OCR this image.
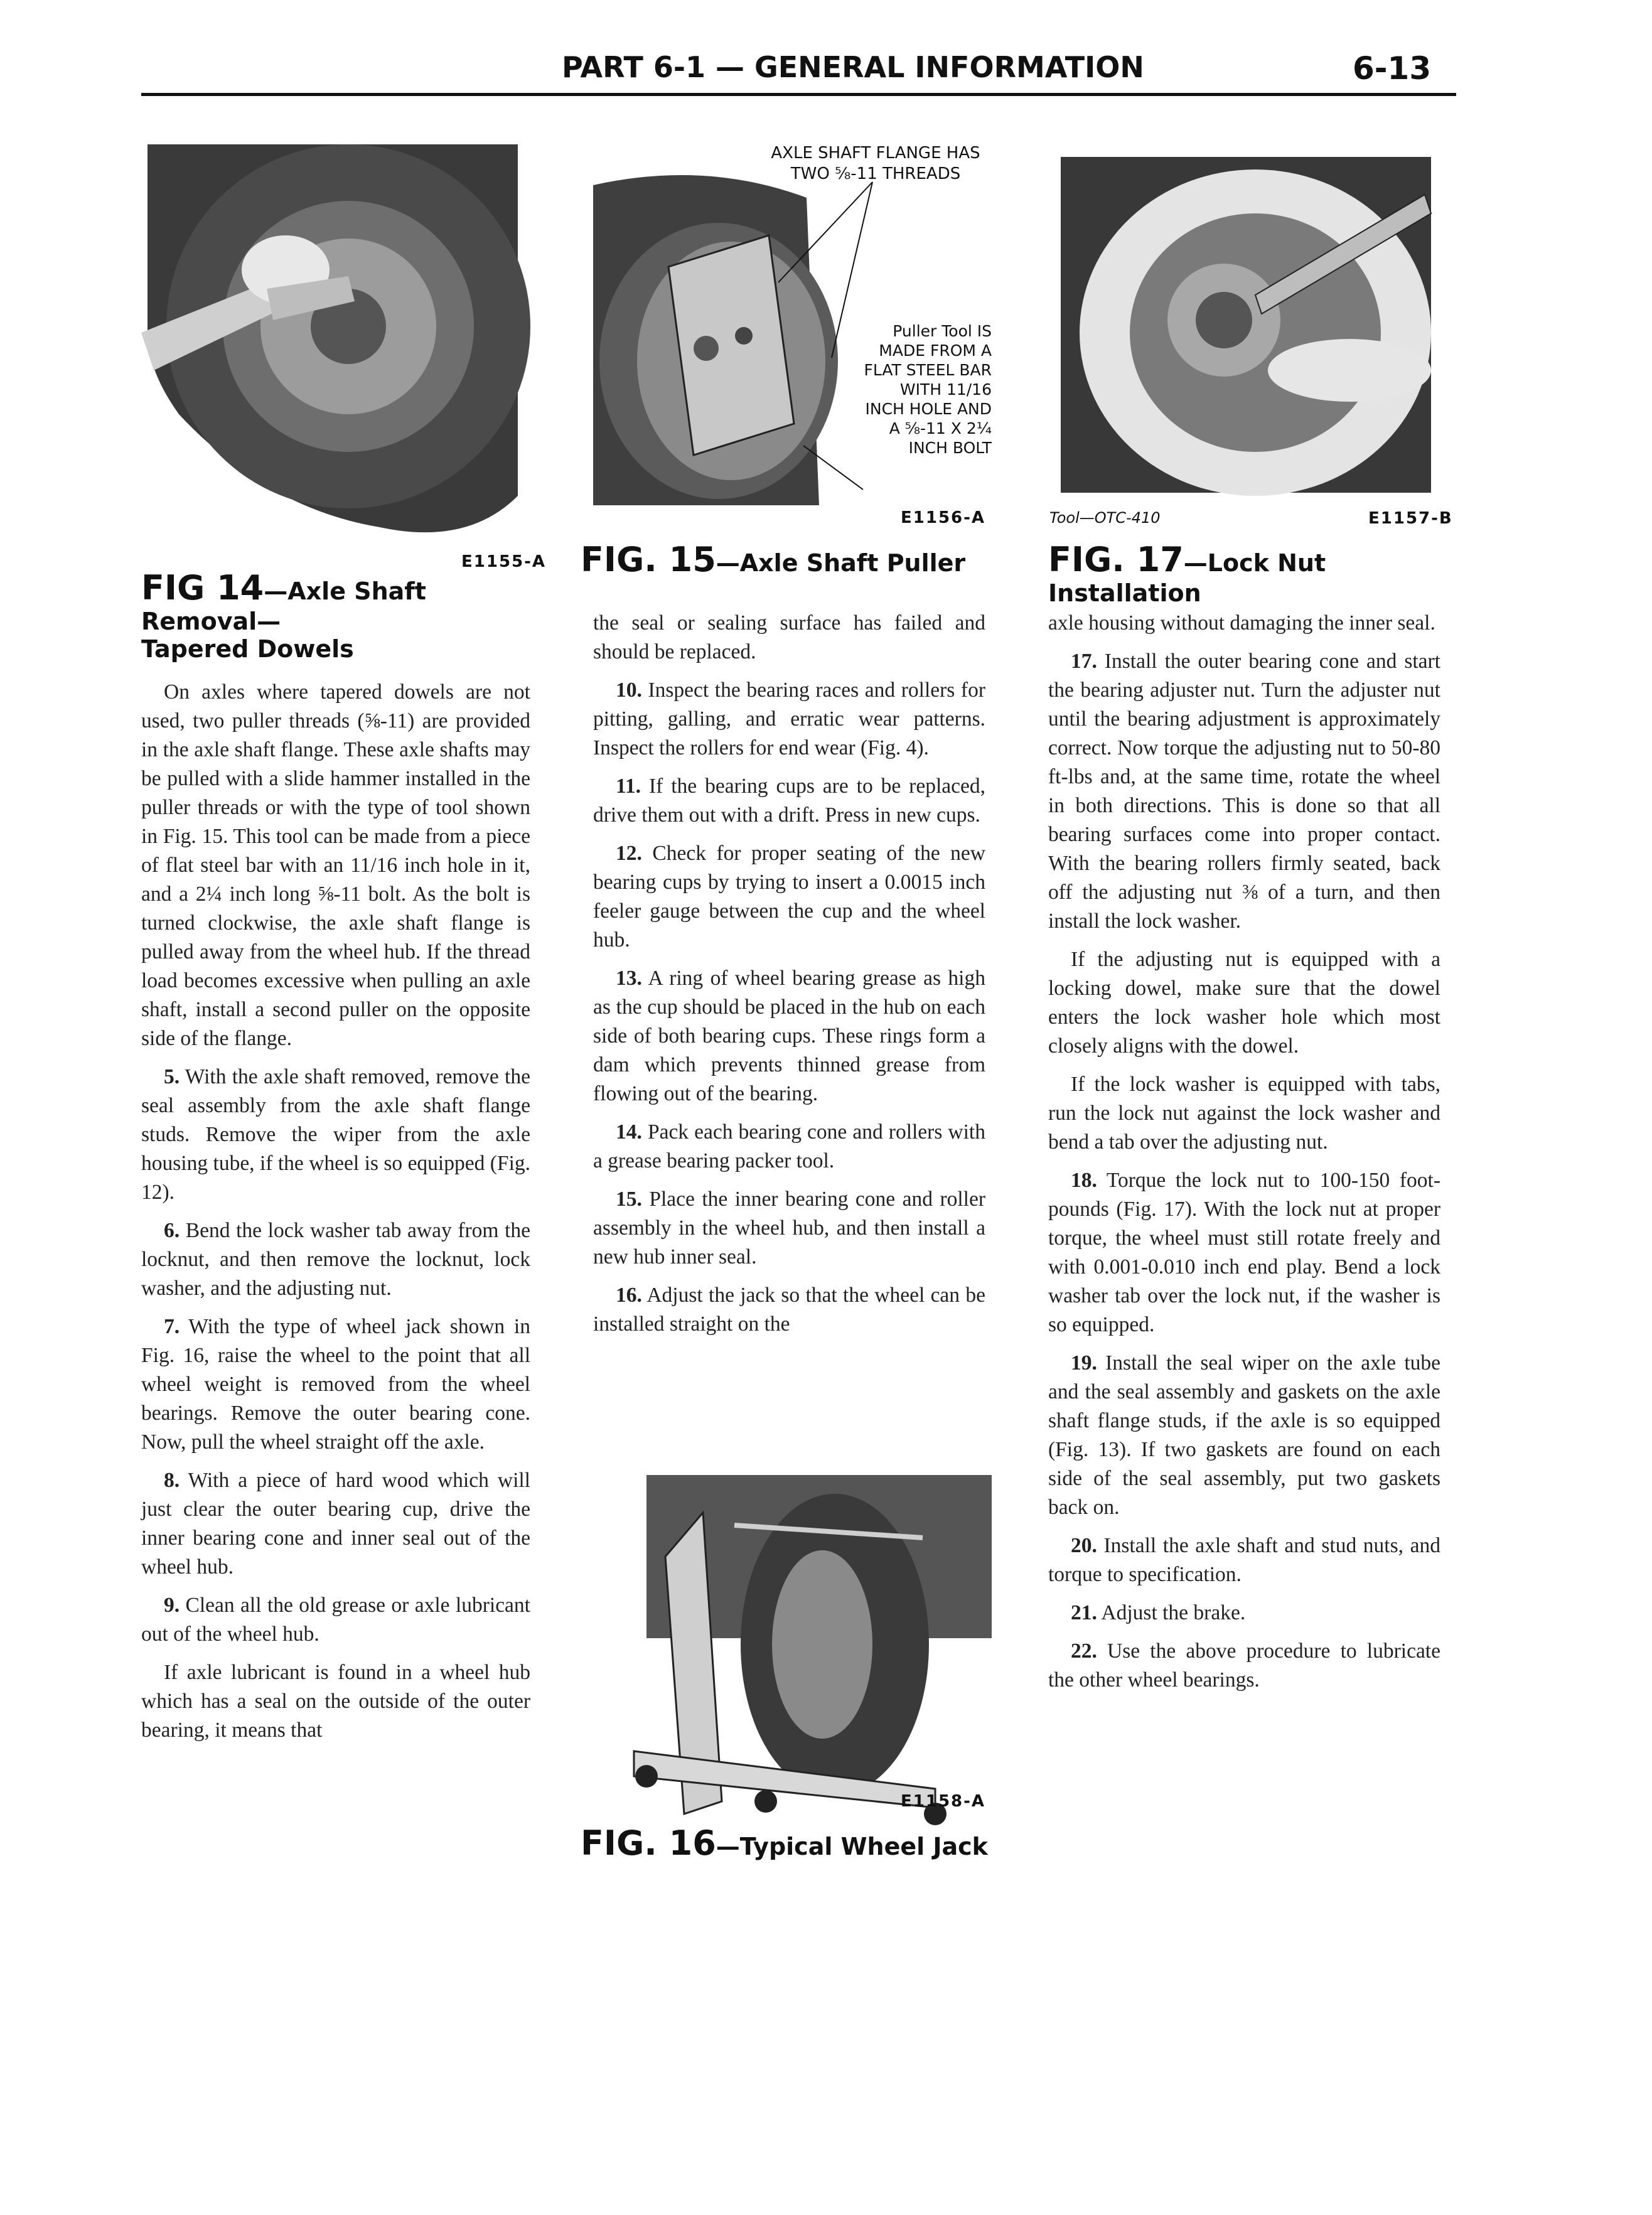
PART 6-1 — GENERAL INFORMATION	6-13
E1155-A
FIG 14—Axle Shaft Removal—
Tapered Dowels
AXLE SHAFT FLANGE HAS TWO ⅝-11 THREADS
Puller Tool IS MADE FROM A FLAT STEEL BAR WITH 11/16 INCH HOLE AND A ⅝-11 X 2¼ INCH BOLT
E1156-A
FIG. 15—Axle Shaft Puller
Tool—OTC-410	E1157-B
FIG. 17—Lock Nut Installation

On axles where tapered dowels are not used, two puller threads (⅝-11) are provided in the axle shaft flange. These axle shafts may be pulled with a slide hammer installed in the puller threads or with the type of tool shown in Fig. 15. This tool can be made from a piece of flat steel bar with an 11/16 inch hole in it, and a 2¼ inch long ⅝-11 bolt. As the bolt is turned clockwise, the axle shaft flange is pulled away from the wheel hub. If the thread load becomes excessive when pulling an axle shaft, install a second puller on the opposite side of the flange.

5. With the axle shaft removed, remove the seal assembly from the axle shaft flange studs. Remove the wiper from the axle housing tube, if the wheel is so equipped (Fig. 12).

6. Bend the lock washer tab away from the locknut, and then remove the locknut, lock washer, and the adjusting nut.

7. With the type of wheel jack shown in Fig. 16, raise the wheel to the point that all wheel weight is removed from the wheel bearings. Remove the outer bearing cone. Now, pull the wheel straight off the axle.

8. With a piece of hard wood which will just clear the outer bearing cup, drive the inner bearing cone and inner seal out of the wheel hub.

9. Clean all the old grease or axle lubricant out of the wheel hub.

If axle lubricant is found in a wheel hub which has a seal on the outside of the outer bearing, it means that

the seal or sealing surface has failed and should be replaced.

10. Inspect the bearing races and rollers for pitting, galling, and erratic wear patterns. Inspect the rollers for end wear (Fig. 4).

11. If the bearing cups are to be replaced, drive them out with a drift. Press in new cups.

12. Check for proper seating of the new bearing cups by trying to insert a 0.0015 inch feeler gauge between the cup and the wheel hub.

13. A ring of wheel bearing grease as high as the cup should be placed in the hub on each side of both bearing cups. These rings form a dam which prevents thinned grease from flowing out of the bearing.

14. Pack each bearing cone and rollers with a grease bearing packer tool.

15. Place the inner bearing cone and roller assembly in the wheel hub, and then install a new hub inner seal.

16. Adjust the jack so that the wheel can be installed straight on the

E1158-A
FIG. 16—Typical Wheel Jack

axle housing without damaging the inner seal.

17. Install the outer bearing cone and start the bearing adjuster nut. Turn the adjuster nut until the bearing adjustment is approximately correct. Now torque the adjusting nut to 50-80 ft-lbs and, at the same time, rotate the wheel in both directions. This is done so that all bearing surfaces come into proper contact. With the bearing rollers firmly seated, back off the adjusting nut ⅜ of a turn, and then install the lock washer.

If the adjusting nut is equipped with a locking dowel, make sure that the dowel enters the lock washer hole which most closely aligns with the dowel.

If the lock washer is equipped with tabs, run the lock nut against the lock washer and bend a tab over the adjusting nut.

18. Torque the lock nut to 100-150 foot-pounds (Fig. 17). With the lock nut at proper torque, the wheel must still rotate freely and with 0.001-0.010 inch end play. Bend a lock washer tab over the lock nut, if the washer is so equipped.

19. Install the seal wiper on the axle tube and the seal assembly and gaskets on the axle shaft flange studs, if the axle is so equipped (Fig. 13). If two gaskets are found on each side of the seal assembly, put two gaskets back on.

20. Install the axle shaft and stud nuts, and torque to specification.

21. Adjust the brake.

22. Use the above procedure to lubricate the other wheel bearings.
